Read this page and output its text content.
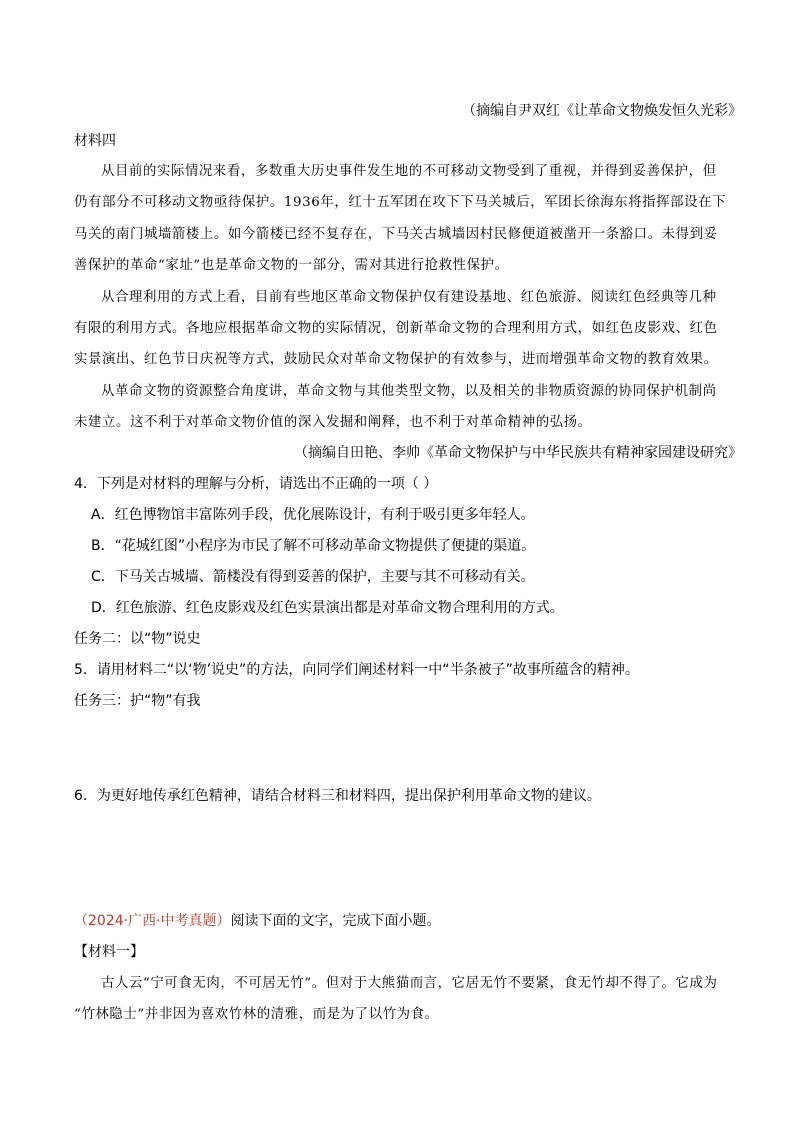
（摘编自尹双红《让革命文物焕发恒久光彩》
材料四
从目前的实际情况来看，多数重大历史事件发生地的不可移动文物受到了重视，并得到妥善保护，但
仍有部分不可移动文物亟待保护。1936年，红十五军团在攻下下马关城后，军团长徐海东将指挥部设在下
马关的南门城墙箭楼上。如今箭楼已经不复存在，下马关古城墙因村民修便道被凿开一条豁口。未得到妥
善保护的革命“家址”也是革命文物的一部分，需对其进行抢救性保护。
从合理利用的方式上看，目前有些地区革命文物保护仅有建设基地、红色旅游、阅读红色经典等几种
有限的利用方式。各地应根据革命文物的实际情况，创新革命文物的合理利用方式，如红色皮影戏、红色
实景演出、红色节日庆祝等方式，鼓励民众对革命文物保护的有效参与，进而增强革命文物的教育效果。
从革命文物的资源整合角度讲，革命文物与其他类型文物，以及相关的非物质资源的协同保护机制尚
未建立。这不利于对革命文物价值的深入发掘和阐释，也不利于对革命精神的弘扬。
（摘编自田艳、李帅《革命文物保护与中华民族共有精神家园建设研究》
4．下列是对材料的理解与分析，请选出不正确的一项（ ）
A．红色博物馆丰富陈列手段，优化展陈设计，有利于吸引更多年轻人。
B．“花城红图”小程序为市民了解不可移动革命文物提供了便捷的渠道。
C．下马关古城墙、箭楼没有得到妥善的保护，主要与其不可移动有关。
D．红色旅游、红色皮影戏及红色实景演出都是对革命文物合理利用的方式。
任务二：以“物”说史
5．请用材料二“以‘物’说史”的方法，向同学们阐述材料一中“半条被子”故事所蕴含的精神。
任务三：护“物”有我
6．为更好地传承红色精神，请结合材料三和材料四，提出保护利用革命文物的建议。
（2024·广西·中考真题）阅读下面的文字，完成下面小题。
【材料一】
古人云“宁可食无肉，不可居无竹”。但对于大熊猫而言，它居无竹不要紧，食无竹却不得了。它成为
“竹林隐士”并非因为喜欢竹林的清雅，而是为了以竹为食。
